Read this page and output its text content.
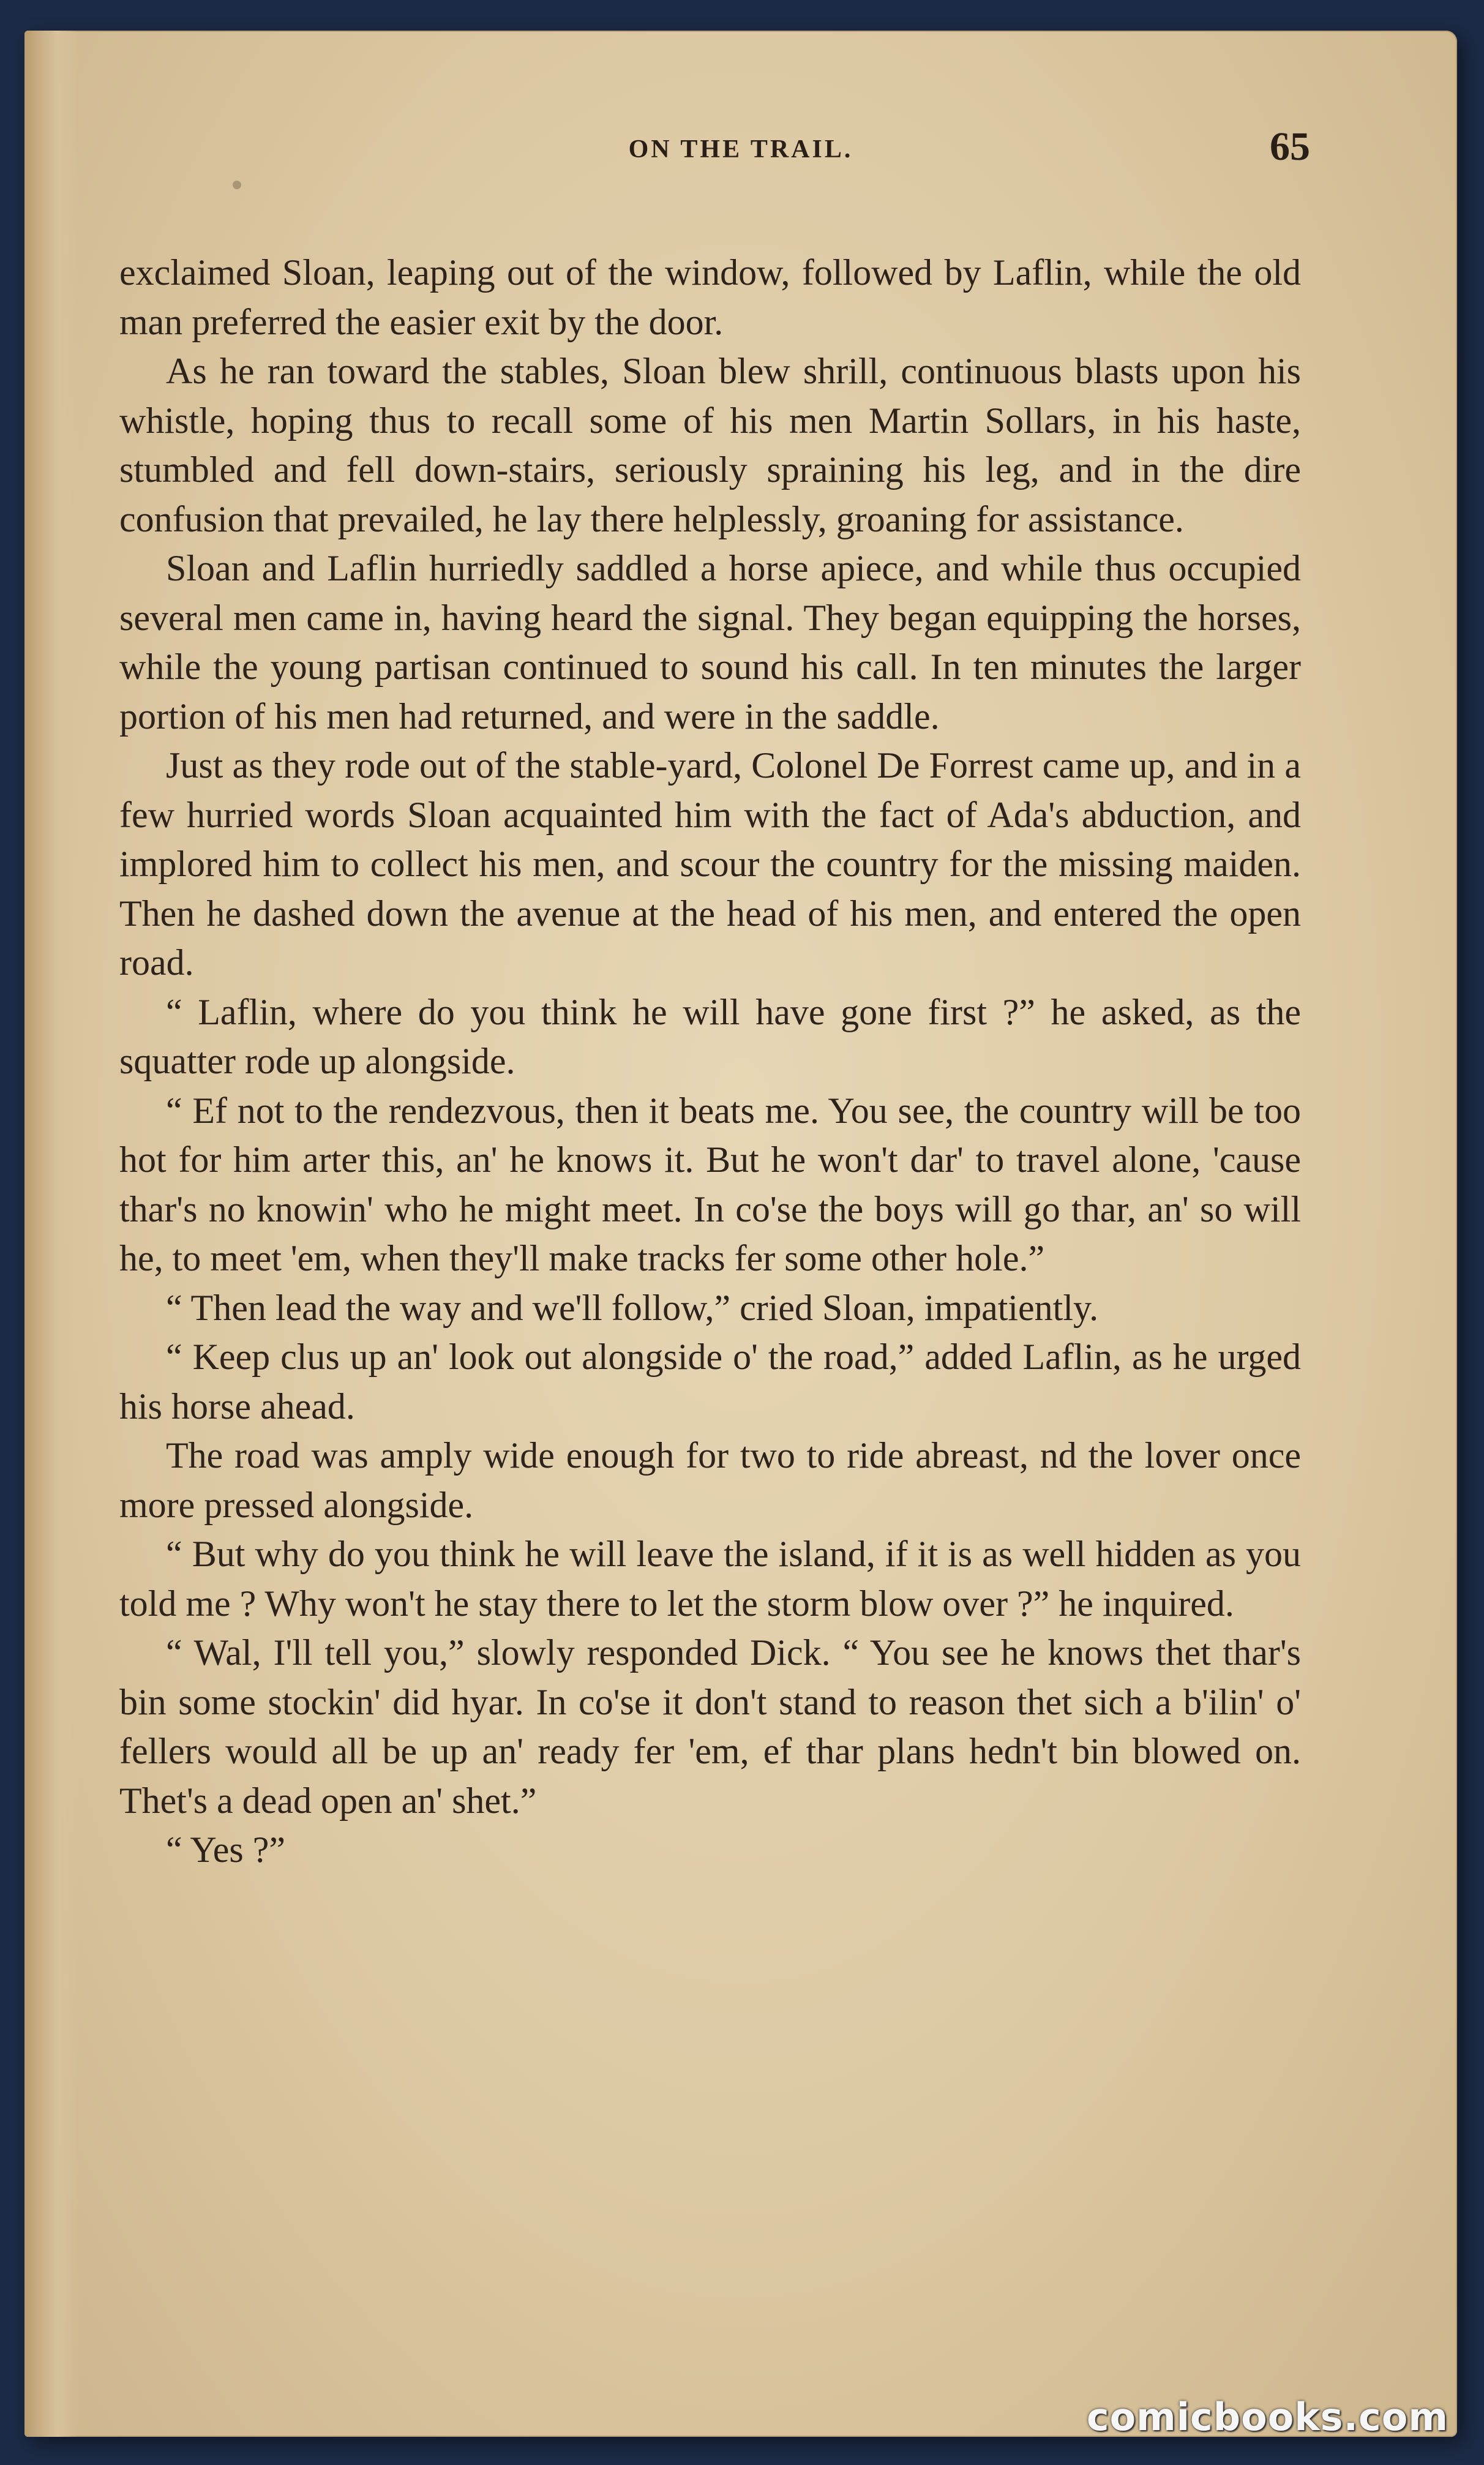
ON THE TRAIL.	65

exclaimed Sloan, leaping out of the window, followed by Laflin, while the old man preferred the easier exit by the door.

As he ran toward the stables, Sloan blew shrill, continuous blasts upon his whistle, hoping thus to recall some of his men Martin Sollars, in his haste, stumbled and fell down-stairs, seriously spraining his leg, and in the dire confusion that prevailed, he lay there helplessly, groaning for assistance.

Sloan and Laflin hurriedly saddled a horse apiece, and while thus occupied several men came in, having heard the signal. They began equipping the horses, while the young partisan continued to sound his call. In ten minutes the larger portion of his men had returned, and were in the saddle.

Just as they rode out of the stable-yard, Colonel De Forrest came up, and in a few hurried words Sloan acquainted him with the fact of Ada's abduction, and implored him to collect his men, and scour the country for the missing maiden. Then he dashed down the avenue at the head of his men, and entered the open road.

“ Laflin, where do you think he will have gone first ?” he asked, as the squatter rode up alongside.

“ Ef not to the rendezvous, then it beats me. You see, the country will be too hot for him arter this, an' he knows it. But he won't dar' to travel alone, 'cause thar's no knowin' who he might meet. In co'se the boys will go thar, an' so will he, to meet 'em, when they'll make tracks fer some other hole.”

“ Then lead the way and we'll follow,” cried Sloan, impatiently.

“ Keep clus up an' look out alongside o' the road,” added Laflin, as he urged his horse ahead.

The road was amply wide enough for two to ride abreast, nd the lover once more pressed alongside.

“ But why do you think he will leave the island, if it is as well hidden as you told me ? Why won't he stay there to let the storm blow over ?” he inquired.

“ Wal, I'll tell you,” slowly responded Dick. “ You see he knows thet thar's bin some stockin' did hyar. In co'se it don't stand to reason thet sich a b'ilin' o' fellers would all be up an' ready fer 'em, ef thar plans hedn't bin blowed on. Thet's a dead open an' shet.”

“ Yes ?”

comicbooks.com
